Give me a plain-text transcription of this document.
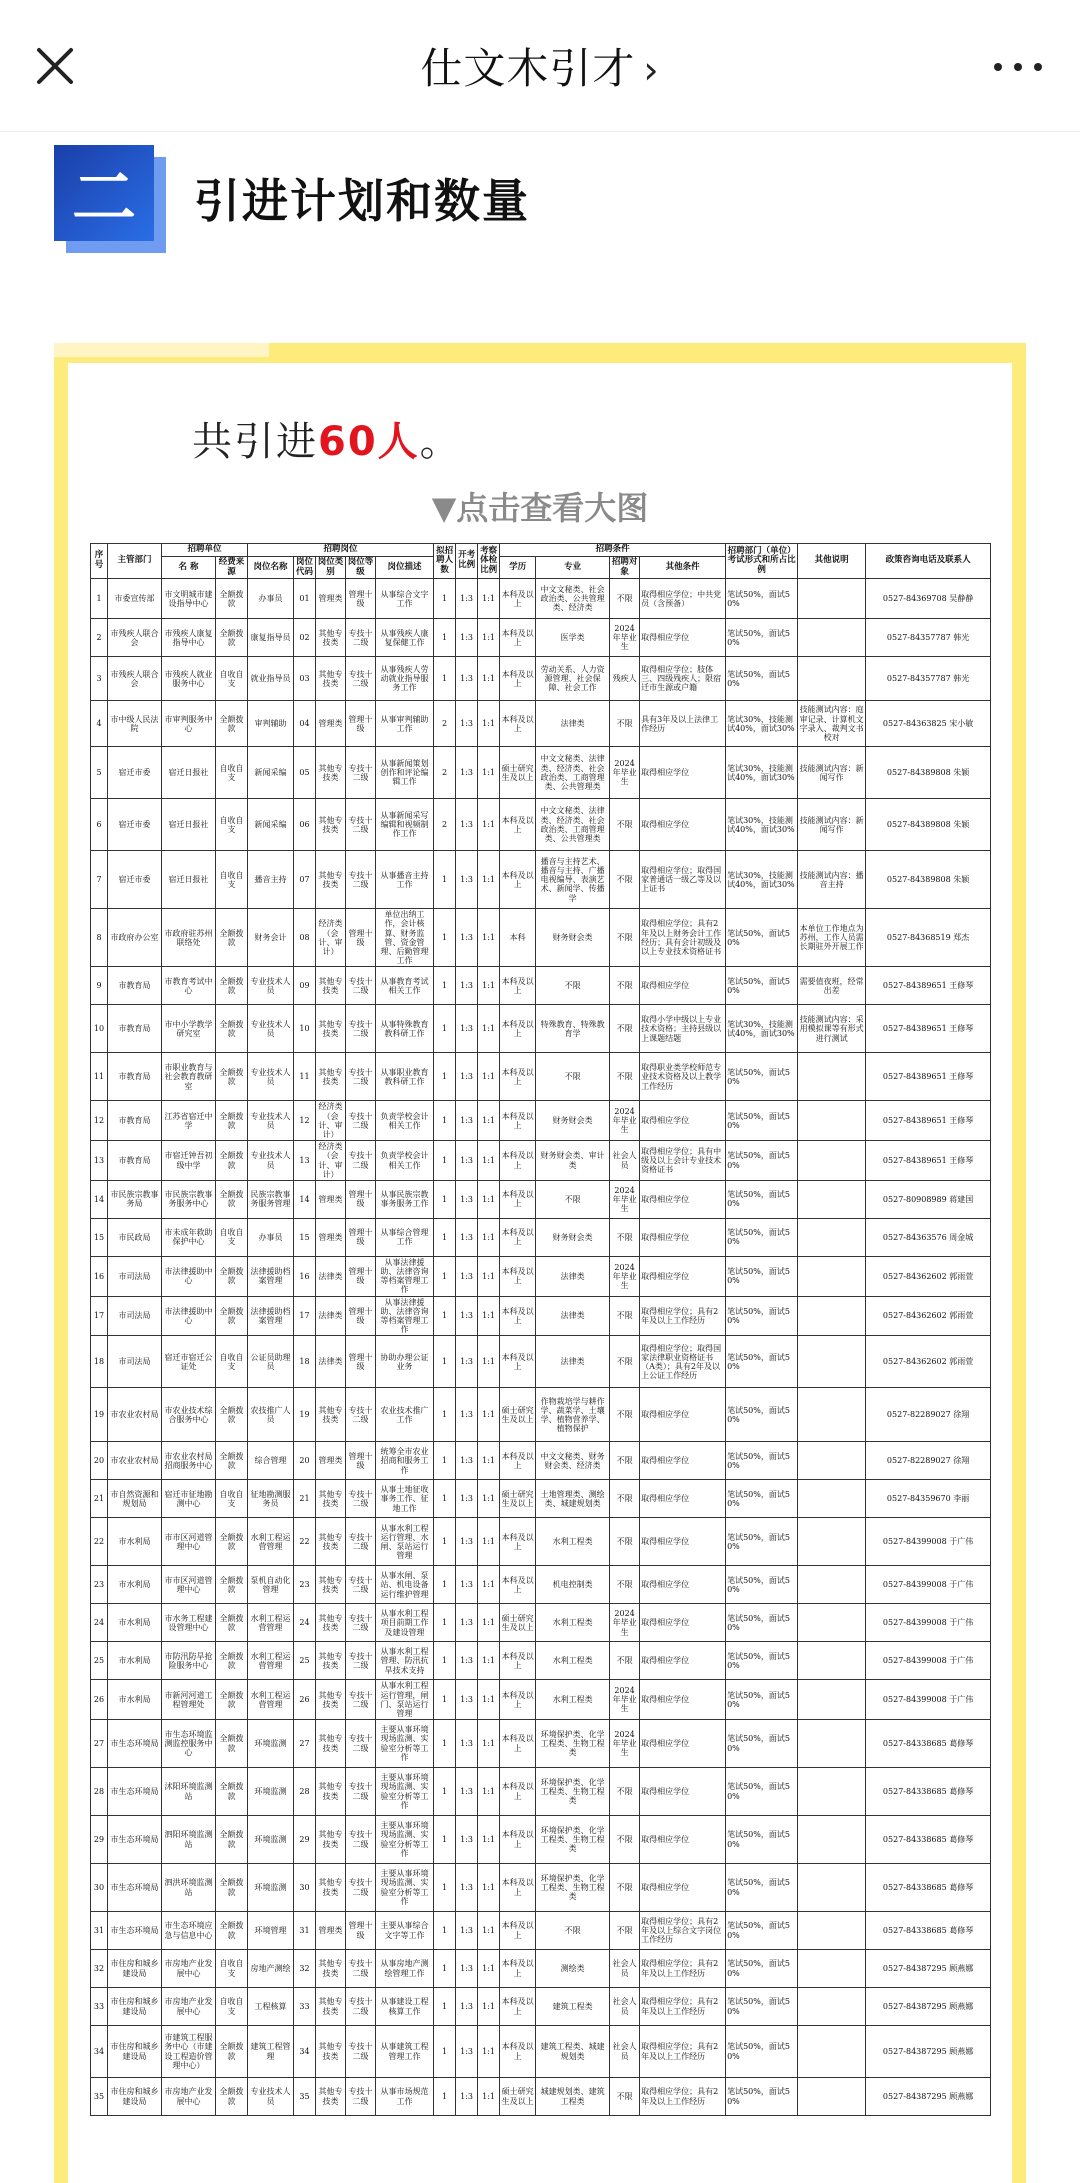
仕文木引才 ›
二	引进计划和数量
共引进60人。
▼点击查看大图
序号	主管部门	招聘单位		招聘岗位					拟招聘人数	开考比例	考察体检比例	招聘条件				招聘部门（单位）考试形式和所占比例	其他说明	政策咨询电话及联系人
		名 称	经费来源	岗位名称	岗位代码	岗位类别	岗位等级	岗位描述				学历	专业	招聘对象	其他条件			
1	市委宣传部	市文明城市建设指导中心	全额拨款	办事员	01	管理类	管理十级	从事综合文字工作	1	1:3	1:1	本科及以上	中文文秘类、社会政治类、公共管理类、经济类	不限	取得相应学位；中共党员（含预备）	笔试50%，面试50%		0527-84369708 吴静静
2	市残疾人联合会	市残疾人康复指导中心	全额拨款	康复指导员	02	其他专技类	专技十二级	从事残疾人康复保健工作	1	1:3	1:1	本科及以上	医学类	2024年毕业生	取得相应学位	笔试50%，面试50%		0527-84357787 韩光
3	市残疾人联合会	市残疾人就业服务中心	自收自支	就业指导员	03	其他专技类	专技十二级	从事残疾人劳动就业指导服务工作	1	1:3	1:1	本科及以上	劳动关系、人力资源管理、社会保障、社会工作	残疾人	取得相应学位；肢体三、四级残疾人；限宿迁市生源或户籍	笔试50%，面试50%		0527-84357787 韩光
4	市中级人民法院	市审判服务中心	全额拨款	审判辅助	04	管理类	管理十级	从事审判辅助工作	2	1:3	1:1	本科及以上	法律类	不限	具有3年及以上法律工作经历	笔试30%，技能测试40%，面试30%	技能测试内容：庭审记录、计算机文字录入、裁判文书校对	0527-84363825 宋小敏
5	宿迁市委	宿迁日报社	自收自支	新闻采编	05	其他专技类	专技十二级	从事新闻策划创作和评论编辑工作	2	1:3	1:1	硕士研究生及以上	中文文秘类、法律类、经济类、社会政治类、工商管理类、公共管理类	2024年毕业生	取得相应学位	笔试30%，技能测试40%，面试30%	技能测试内容：新闻写作	0527-84389808 朱颖
6	宿迁市委	宿迁日报社	自收自支	新闻采编	06	其他专技类	专技十二级	从事新闻采写编辑和视频制作工作	2	1:3	1:1	本科及以上	中文文秘类、法律类、经济类、社会政治类、工商管理类、公共管理类	不限	取得相应学位	笔试30%，技能测试40%，面试30%	技能测试内容：新闻写作	0527-84389808 朱颖
7	宿迁市委	宿迁日报社	自收自支	播音主持	07	其他专技类	专技十二级	从事播音主持工作	1	1:3	1:1	本科及以上	播音与主持艺术、播音与主持、广播电视编导、表演艺术、新闻学、传播学	不限	取得相应学位；取得国家普通话一级乙等及以上证书	笔试30%，技能测试40%，面试30%	技能测试内容：播音主持	0527-84389808 朱颖
8	市政府办公室	市政府驻苏州联络处	全额拨款	财务会计	08	经济类（会计、审计）	管理十级	单位出纳工作，会计核算、财务监管、资金管理、后勤管理工作	1	1:3	1:1	本科	财务财会类	不限	取得相应学位；具有2年及以上财务会计工作经历；具有会计初级及以上专业技术资格证书	笔试50%，面试50%	本单位工作地点为苏州，工作人员需长期驻外开展工作	0527-84368519 郑杰
9	市教育局	市教育考试中心	全额拨款	专业技术人员	09	其他专技类	专技十二级	从事教育考试相关工作	1	1:3	1:1	本科及以上	不限	不限	取得相应学位	笔试50%，面试50%	需要值夜班，经常出差	0527-84389651 王修琴
10	市教育局	市中小学教学研究室	全额拨款	专业技术人员	10	其他专技类	专技十二级	从事特殊教育教科研工作	1	1:3	1:1	本科及以上	特殊教育、特殊教育学	不限	取得小学中级以上专业技术资格；主持县级以上课题结题	笔试30%，技能测试40%，面试30%	技能测试内容：采用模拟课等有形式进行测试	0527-84389651 王修琴
11	市教育局	市职业教育与社会教育教研室	全额拨款	专业技术人员	11	其他专技类	专技十二级	从事职业教育教科研工作	1	1:3	1:1	本科及以上	不限	不限	取得职业类学校师范专业技术资格及以上教学工作经历	笔试50%，面试50%		0527-84389651 王修琴
12	市教育局	江苏省宿迁中学	全额拨款	专业技术人员	12	经济类（会计、审计）	专技十二级	负责学校会计相关工作	1	1:3	1:1	本科及以上	财务财会类	2024年毕业生	取得相应学位	笔试50%，面试50%		0527-84389651 王修琴
13	市教育局	市宿迁钟吾初级中学	全额拨款	专业技术人员	13	经济类（会计、审计）	专技十二级	负责学校会计相关工作	1	1:3	1:1	本科及以上	财务财会类、审计类	社会人员	取得相应学位；具有中级及以上会计专业技术资格证书	笔试50%，面试50%		0527-84389651 王修琴
14	市民族宗教事务局	市民族宗教事务服务中心	全额拨款	民族宗教事务服务管理	14	管理类	管理十级	从事民族宗教事务服务工作	1	1:3	1:1	本科及以上	不限	2024年毕业生	取得相应学位	笔试50%，面试50%		0527-80908989 蒋建国
15	市民政局	市未成年救助保护中心	自收自支	办事员	15	管理类	管理十级	从事综合管理工作	1	1:3	1:1	本科及以上	财务财会类	不限	取得相应学位	笔试50%，面试50%		0527-84363576 周金城
16	市司法局	市法律援助中心	全额拨款	法律援助档案管理	16	法律类	管理十级	从事法律援助、法律咨询等档案管理工作	1	1:3	1:1	本科及以上	法律类	2024年毕业生	取得相应学位	笔试50%，面试50%		0527-84362602 郭雨萱
17	市司法局	市法律援助中心	全额拨款	法律援助档案管理	17	法律类	管理十级	从事法律援助、法律咨询等档案管理工作	1	1:3	1:1	本科及以上	法律类	不限	取得相应学位；具有2年及以上工作经历	笔试50%，面试50%		0527-84362602 郭雨萱
18	市司法局	宿迁市宿迁公证处	自收自支	公证员助理员	18	法律类	管理十级	协助办理公证业务	1	1:3	1:1	本科及以上	法律类	不限	取得相应学位；取得国家法律职业资格证书（A类）；具有2年及以上公证工作经历	笔试50%，面试50%		0527-84362602 郭雨萱
19	市农业农村局	市农业技术综合服务中心	全额拨款	农技推广人员	19	其他专技类	专技十二级	农业技术推广工作	1	1:3	1:1	硕士研究生及以上	作物栽培学与耕作学、蔬菜学、土壤学、植物营养学、植物保护	不限	取得相应学位	笔试50%，面试50%		0527-82289027 徐翔
20	市农业农村局	市农业农村局招商服务中心	全额拨款	综合管理	20	管理类	管理十级	统筹全市农业招商和服务工作	1	1:3	1:1	本科及以上	中文文秘类、财务财会类、经济类	不限	取得相应学位	笔试50%，面试50%		0527-82289027 徐翔
21	市自然资源和规划局	宿迁市征地勘测中心	自收自支	征地勘测服务员	21	其他专技类	专技十二级	从事土地征收事务工作、征地工作	1	1:3	1:1	硕士研究生及以上	土地管理类、测绘类、城建规划类	不限	取得相应学位	笔试50%，面试50%		0527-84359670 李丽
22	市水利局	市市区河道管理中心	全额拨款	水利工程运营管理	22	其他专技类	专技十二级	从事水利工程运行管理、水闸、泵站运行管理	1	1:3	1:1	本科及以上	水利工程类	不限	取得相应学位	笔试50%，面试50%		0527-84399008 于广伟
23	市水利局	市市区河道管理中心	全额拨款	泵机自动化管理	23	其他专技类	专技十二级	从事水闸、泵站、机电设备运行维护管理	1	1:3	1:1	本科及以上	机电控制类	不限	取得相应学位	笔试50%，面试50%		0527-84399008 于广伟
24	市水利局	市水务工程建设管理中心	全额拨款	水利工程运营管理	24	其他专技类	专技十二级	从事水利工程项目前期工作及建设管理	1	1:3	1:1	硕士研究生及以上	水利工程类	2024年毕业生	取得相应学位	笔试50%，面试50%		0527-84399008 于广伟
25	市水利局	市防汛防旱抢险服务中心	全额拨款	水利工程运营管理	25	其他专技类	专技十二级	从事水利工程管理、防汛抗旱技术支持	1	1:3	1:1	本科及以上	水利工程类	不限	取得相应学位	笔试50%，面试50%		0527-84399008 于广伟
26	市水利局	市新河河道工程管理处	全额拨款	水利工程运营管理	26	其他专技类	专技十二级	从事水利工程运行管理，闸门、泵站运行管理	1	1:3	1:1	本科及以上	水利工程类	2024年毕业生	取得相应学位	笔试50%，面试50%		0527-84399008 于广伟
27	市生态环境局	市生态环境监测监控服务中心	全额拨款	环境监测	27	其他专技类	专技十二级	主要从事环境现场监测、实验室分析等工作	1	1:3	1:1	本科及以上	环境保护类、化学工程类、生物工程类	2024年毕业生	取得相应学位	笔试50%，面试50%		0527-84338685 葛修琴
28	市生态环境局	沭阳环境监测站	全额拨款	环境监测	28	其他专技类	专技十二级	主要从事环境现场监测、实验室分析等工作	1	1:3	1:1	本科及以上	环境保护类、化学工程类、生物工程类	不限	取得相应学位	笔试50%，面试50%		0527-84338685 葛修琴
29	市生态环境局	泗阳环境监测站	全额拨款	环境监测	29	其他专技类	专技十二级	主要从事环境现场监测、实验室分析等工作	1	1:3	1:1	本科及以上	环境保护类、化学工程类、生物工程类	不限	取得相应学位	笔试50%，面试50%		0527-84338685 葛修琴
30	市生态环境局	泗洪环境监测站	全额拨款	环境监测	30	其他专技类	专技十二级	主要从事环境现场监测、实验室分析等工作	1	1:3	1:1	本科及以上	环境保护类、化学工程类、生物工程类	不限	取得相应学位	笔试50%，面试50%		0527-84338685 葛修琴
31	市生态环境局	市生态环境应急与信息中心	全额拨款	环境管理	31	管理类	管理十级	主要从事综合文字等工作	1	1:3	1:1	本科及以上	不限	不限	取得相应学位；具有2年及以上综合文字岗位工作经历	笔试50%，面试50%		0527-84338685 葛修琴
32	市住房和城乡建设局	市房地产业发展中心	自收自支	房地产测绘	32	其他专技类	专技十二级	从事房地产测绘管理工作	1	1:3	1:1	本科及以上	测绘类	社会人员	取得相应学位；具有2年及以上工作经历	笔试50%，面试50%		0527-84387295 顾燕娜
33	市住房和城乡建设局	市房地产业发展中心	自收自支	工程核算	33	其他专技类	专技十二级	从事建设工程核算工作	1	1:3	1:1	本科及以上	建筑工程类	社会人员	取得相应学位；具有2年及以上工作经历	笔试50%，面试50%		0527-84387295 顾燕娜
34	市住房和城乡建设局	市建筑工程服务中心（市建设工程造价管理中心）	全额拨款	建筑工程管理	34	其他专技类	专技十二级	从事建筑工程管理工作	1	1:3	1:1	本科及以上	建筑工程类、城建规划类	社会人员	取得相应学位；具有2年及以上工作经历	笔试50%，面试50%		0527-84387295 顾燕娜
35	市住房和城乡建设局	市房地产业发展中心	全额拨款	专业技术人员	35	其他专技类	专技十二级	从事市场规范工作	1	1:3	1:1	硕士研究生及以上	城建规划类、建筑工程类	不限	取得相应学位；具有2年及以上工作经历	笔试50%，面试50%		0527-84387295 顾燕娜
